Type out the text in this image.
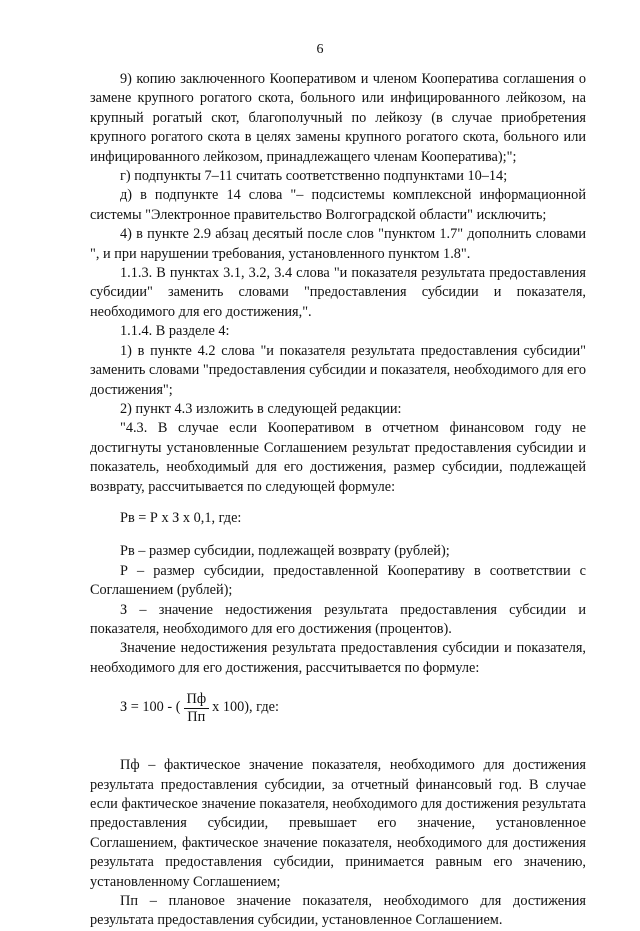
6

9) копию заключенного Кооперативом и членом Кооператива соглашения о замене крупного рогатого скота, больного или инфицированного лейкозом, на крупный рогатый скот, благополучный по лейкозу (в случае приобретения крупного рогатого скота в целях замены крупного рогатого скота, больного или инфицированного лейкозом, принадлежащего членам Кооператива);";

г) подпункты 7–11 считать соответственно подпунктами 10–14;

д) в подпункте 14 слова "– подсистемы комплексной информационной системы "Электронное правительство Волгоградской области" исключить;

4) в пункте 2.9 абзац десятый после слов "пунктом 1.7" дополнить словами ", и при нарушении требования, установленного пунктом 1.8".

1.1.3. В пунктах 3.1, 3.2, 3.4 слова "и показателя результата предоставления субсидии" заменить словами "предоставления субсидии и показателя, необходимого для его достижения,".

1.1.4. В разделе 4:

1) в пункте 4.2 слова "и показателя результата предоставления субсидии" заменить словами "предоставления субсидии и показателя, необходимого для его достижения";

2) пункт 4.3 изложить в следующей редакции:

"4.3. В случае если Кооперативом в отчетном финансовом году не достигнуты установленные Соглашением результат предоставления субсидии и показатель, необходимый для его достижения, размер субсидии, подлежащей возврату, рассчитывается по следующей формуле:

Рв = Р х З х 0,1, где:

Рв – размер субсидии, подлежащей возврату (рублей);

Р – размер субсидии, предоставленной Кооперативу в соответствии с Соглашением (рублей);

З – значение недостижения результата предоставления субсидии и показателя, необходимого для его достижения (процентов).

Значение недостижения результата предоставления субсидии и показателя, необходимого для его достижения, рассчитывается по формуле:

З = 100 - ( $\frac{Пф}{Пп}$ х 100), где:

Пф – фактическое значение показателя, необходимого для достижения результата предоставления субсидии, за отчетный финансовый год. В случае если фактическое значение показателя, необходимого для достижения результата предоставления субсидии, превышает его значение, установленное Соглашением, фактическое значение показателя, необходимого для достижения результата предоставления субсидии, принимается равным его значению, установленному Соглашением;

Пп – плановое значение показателя, необходимого для достижения результата предоставления субсидии, установленное Соглашением.
